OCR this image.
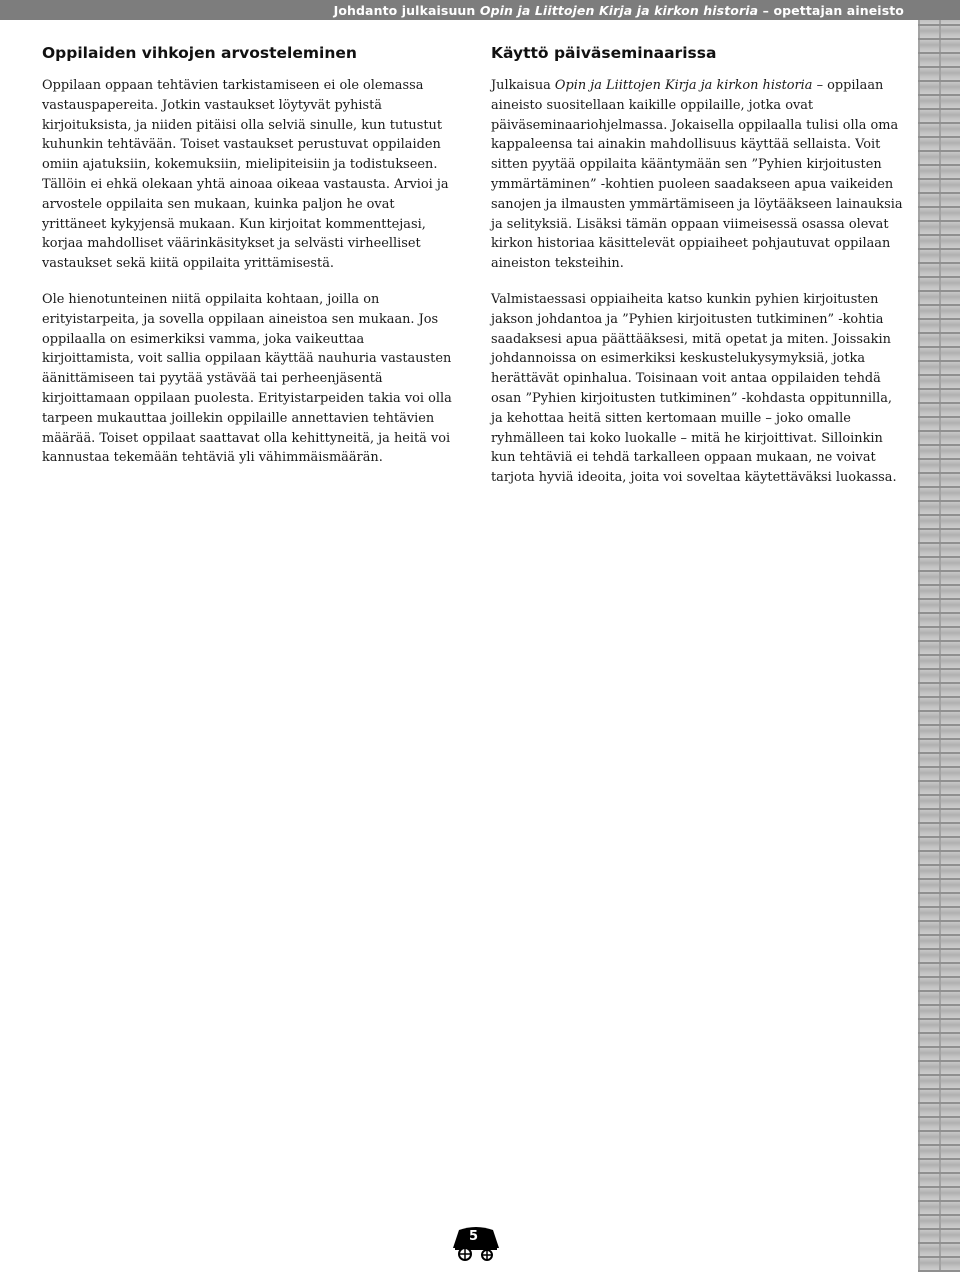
Johdanto julkaisuun Opin ja Liittojen Kirja ja kirkon historia – opettajan aineisto
Oppilaiden vihkojen arvosteleminen

Oppilaan oppaan tehtävien tarkistamiseen ei ole olemassa vastauspapereita. Jotkin vastaukset löytyvät pyhistä kirjoituksista, ja niiden pitäisi olla selviä sinulle, kun tutustut kuhunkin tehtävään. Toiset vastaukset perustuvat oppilaiden omiin ajatuksiin, kokemuksiin, mielipiteisiin ja todistukseen. Tällöin ei ehkä olekaan yhtä ainoaa oikeaa vastausta. Arvioi ja arvostele oppilaita sen mukaan, kuinka paljon he ovat yrittäneet kykyjensä mukaan. Kun kirjoitat kommenttejasi, korjaa mahdolliset väärinkäsitykset ja selvästi virheelliset vastaukset sekä kiitä oppilaita yrittämisestä.

Ole hienotunteinen niitä oppilaita kohtaan, joilla on erityistarpeita, ja sovella oppilaan aineistoa sen mukaan. Jos oppilaalla on esimerkiksi vamma, joka vaikeuttaa kirjoittamista, voit sallia oppilaan käyttää nauhuria vastausten äänittämiseen tai pyytää ystävää tai perheenjäsentä kirjoittamaan oppilaan puolesta. Erityistarpeiden takia voi olla tarpeen mukauttaa joillekin oppilaille annettavien tehtävien määrää. Toiset oppilaat saattavat olla kehittyneitä, ja heitä voi kannustaa tekemään tehtäviä yli vähimmäismäärän.

Käyttö päiväseminaarissa

Julkaisua Opin ja Liittojen Kirja ja kirkon historia – oppilaan aineisto suositellaan kaikille oppilaille, jotka ovat päiväseminaariohjelmassa. Jokaisella oppilaalla tulisi olla oma kappaleensa tai ainakin mahdollisuus käyttää sellaista. Voit sitten pyytää oppilaita kääntymään sen ”Pyhien kirjoitusten ymmärtäminen” -kohtien puoleen saadakseen apua vaikeiden sanojen ja ilmausten ymmärtämiseen ja löytääkseen lainauksia ja selityksiä. Lisäksi tämän oppaan viimeisessä osassa olevat kirkon historiaa käsittelevät oppiaiheet pohjautuvat oppilaan aineiston teksteihin.

Valmistaessasi oppiaiheita katso kunkin pyhien kirjoitusten jakson johdantoa ja ”Pyhien kirjoitusten tutkiminen” -kohtia saadaksesi apua päättääksesi, mitä opetat ja miten. Joissakin johdannoissa on esimerkiksi keskustelukysymyksiä, jotka herättävät opinhalua. Toisinaan voit antaa oppilaiden tehdä osan ”Pyhien kirjoitusten tutkiminen” -kohdasta oppitunnilla, ja kehottaa heitä sitten kertomaan muille – joko omalle ryhmälleen tai koko luokalle – mitä he kirjoittivat. Silloinkin kun tehtäviä ei tehdä tarkalleen oppaan mukaan, ne voivat tarjota hyviä ideoita, joita voi soveltaa käytettäväksi luokassa.

5
